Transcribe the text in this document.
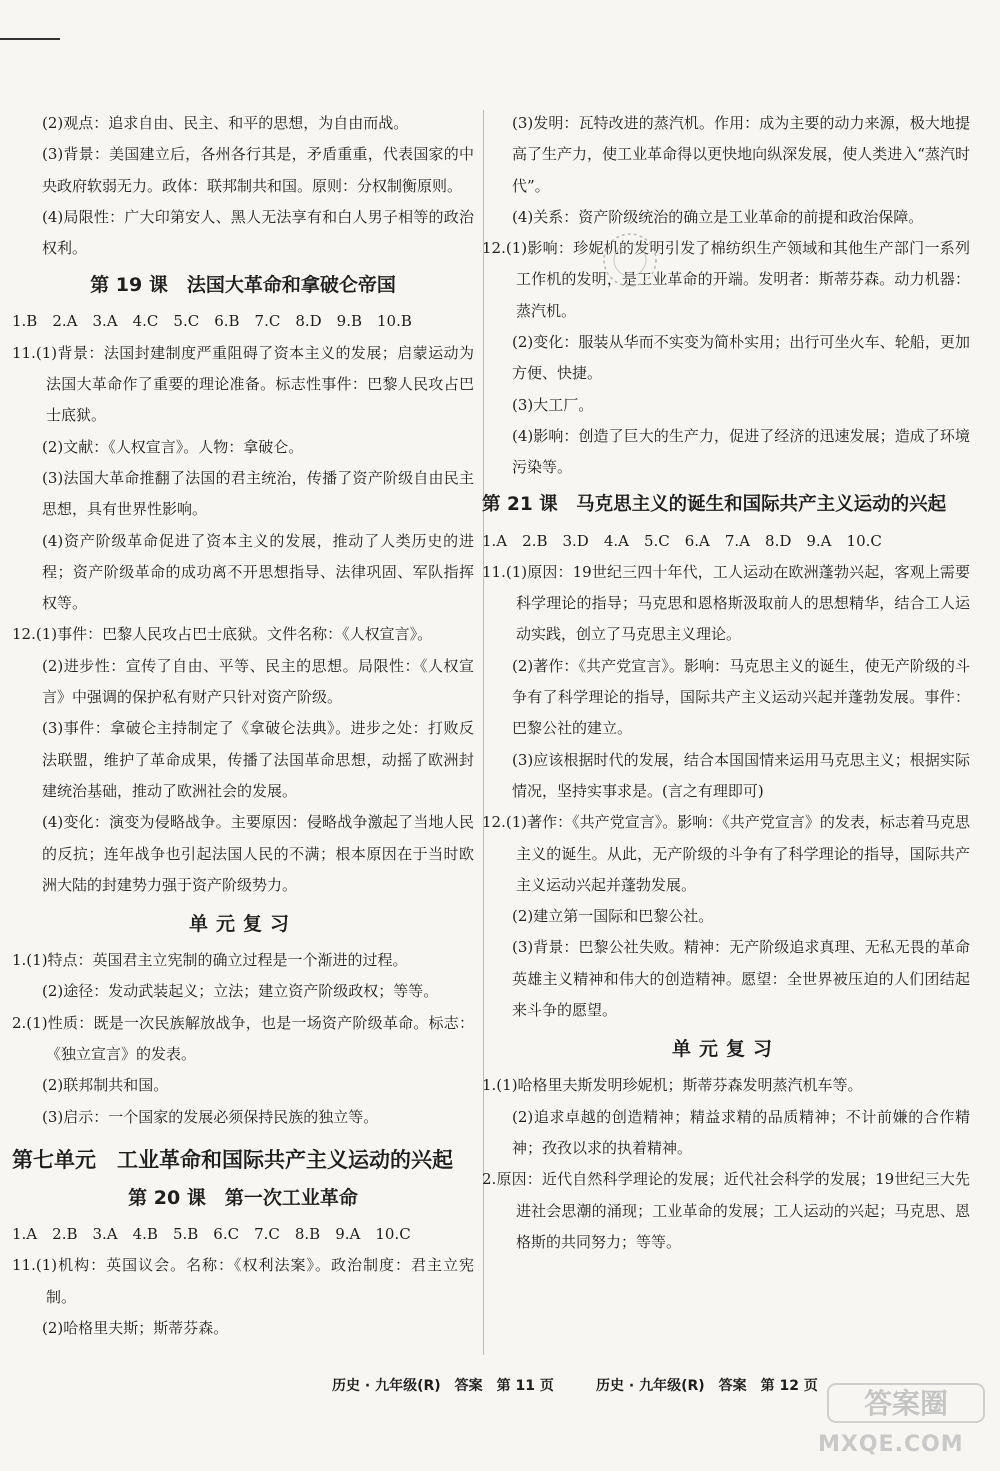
(2)观点：追求自由、民主、和平的思想，为自由而战。
(3)背景：美国建立后，各州各行其是，矛盾重重，代表国家的中央政府软弱无力。政体：联邦制共和国。原则：分权制衡原则。
(4)局限性：广大印第安人、黑人无法享有和白人男子相等的政治权利。
第 19 课　法国大革命和拿破仑帝国
1.B　2.A　3.A　4.C　5.C　6.B　7.C　8.D　9.B　10.B
11.(1)背景：法国封建制度严重阻碍了资本主义的发展；启蒙运动为法国大革命作了重要的理论准备。标志性事件：巴黎人民攻占巴士底狱。
(2)文献：《人权宣言》。人物：拿破仑。
(3)法国大革命推翻了法国的君主统治，传播了资产阶级自由民主思想，具有世界性影响。
(4)资产阶级革命促进了资本主义的发展，推动了人类历史的进程；资产阶级革命的成功离不开思想指导、法律巩固、军队指挥权等。
12.(1)事件：巴黎人民攻占巴士底狱。文件名称：《人权宣言》。
(2)进步性：宣传了自由、平等、民主的思想。局限性：《人权宣言》中强调的保护私有财产只针对资产阶级。
(3)事件：拿破仑主持制定了《拿破仑法典》。进步之处：打败反法联盟，维护了革命成果，传播了法国革命思想，动摇了欧洲封建统治基础，推动了欧洲社会的发展。
(4)变化：演变为侵略战争。主要原因：侵略战争激起了当地人民的反抗；连年战争也引起法国人民的不满；根本原因在于当时欧洲大陆的封建势力强于资产阶级势力。
单元复习
1.(1)特点：英国君主立宪制的确立过程是一个渐进的过程。
(2)途径：发动武装起义；立法；建立资产阶级政权；等等。
2.(1)性质：既是一次民族解放战争，也是一场资产阶级革命。标志：《独立宣言》的发表。
(2)联邦制共和国。
(3)启示：一个国家的发展必须保持民族的独立等。
第七单元　工业革命和国际共产主义运动的兴起
第 20 课　第一次工业革命
1.A　2.B　3.A　4.B　5.B　6.C　7.C　8.B　9.A　10.C
11.(1)机构：英国议会。名称：《权利法案》。政治制度：君主立宪制。
(2)哈格里夫斯；斯蒂芬森。
(3)发明：瓦特改进的蒸汽机。作用：成为主要的动力来源，极大地提高了生产力，使工业革命得以更快地向纵深发展，使人类进入“蒸汽时代”。
(4)关系：资产阶级统治的确立是工业革命的前提和政治保障。
12.(1)影响：珍妮机的发明引发了棉纺织生产领域和其他生产部门一系列工作机的发明，是工业革命的开端。发明者：斯蒂芬森。动力机器：蒸汽机。
(2)变化：服装从华而不实变为简朴实用；出行可坐火车、轮船，更加方便、快捷。
(3)大工厂。
(4)影响：创造了巨大的生产力，促进了经济的迅速发展；造成了环境污染等。
第 21 课　马克思主义的诞生和国际共产主义运动的兴起
1.A　2.B　3.D　4.A　5.C　6.A　7.A　8.D　9.A　10.C
11.(1)原因：19世纪三四十年代，工人运动在欧洲蓬勃兴起，客观上需要科学理论的指导；马克思和恩格斯汲取前人的思想精华，结合工人运动实践，创立了马克思主义理论。
(2)著作：《共产党宣言》。影响：马克思主义的诞生，使无产阶级的斗争有了科学理论的指导，国际共产主义运动兴起并蓬勃发展。事件：巴黎公社的建立。
(3)应该根据时代的发展，结合本国国情来运用马克思主义；根据实际情况，坚持实事求是。(言之有理即可)
12.(1)著作：《共产党宣言》。影响：《共产党宣言》的发表，标志着马克思主义的诞生。从此，无产阶级的斗争有了科学理论的指导，国际共产主义运动兴起并蓬勃发展。
(2)建立第一国际和巴黎公社。
(3)背景：巴黎公社失败。精神：无产阶级追求真理、无私无畏的革命英雄主义精神和伟大的创造精神。愿望：全世界被压迫的人们团结起来斗争的愿望。
单元复习
1.(1)哈格里夫斯发明珍妮机；斯蒂芬森发明蒸汽机车等。
(2)追求卓越的创造精神；精益求精的品质精神；不计前嫌的合作精神；孜孜以求的执着精神。
2.原因：近代自然科学理论的发展；近代社会科学的发展；19世纪三大先进社会思潮的涌现；工业革命的发展；工人运动的兴起；马克思、恩格斯的共同努力；等等。
历史 · 九年级(R)　答案　第 11 页	历史 · 九年级(R)　答案　第 12 页
答案圈
MXQE.COM
